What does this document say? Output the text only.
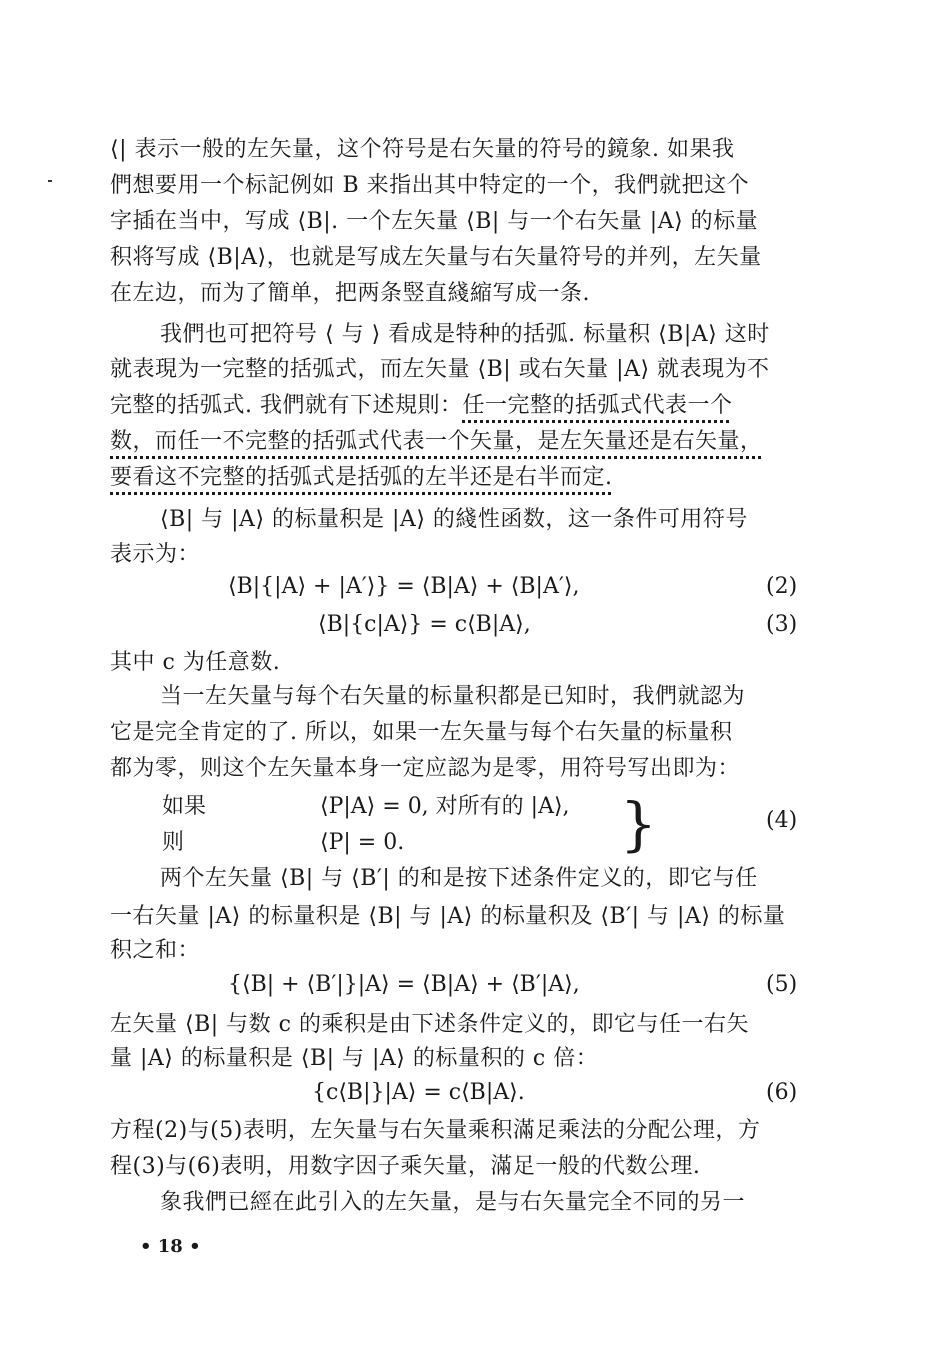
⟨| 表示一般的左矢量，这个符号是右矢量的符号的鏡象. 如果我
們想要用一个标記例如 B 来指出其中特定的一个，我們就把这个
字插在当中，写成 ⟨B|. 一个左矢量 ⟨B| 与一个右矢量 |A⟩ 的标量
积将写成 ⟨B|A⟩，也就是写成左矢量与右矢量符号的并列，左矢量
在左边，而为了簡单，把两条竪直綫縮写成一条.
我們也可把符号 ⟨ 与 ⟩ 看成是特种的括弧. 标量积 ⟨B|A⟩ 这时
就表現为一完整的括弧式，而左矢量 ⟨B| 或右矢量 |A⟩ 就表現为不
完整的括弧式. 我們就有下述規則：任一完整的括弧式代表一个
数，而任一不完整的括弧式代表一个矢量，是左矢量还是右矢量，
要看这不完整的括弧式是括弧的左半还是右半而定.
⟨B| 与 |A⟩ 的标量积是 |A⟩ 的綫性函数，这一条件可用符号
表示为：
⟨B|{|A⟩ + |A′⟩} = ⟨B|A⟩ + ⟨B|A′⟩,	(2)
⟨B|{c|A⟩} = c⟨B|A⟩,	(3)
其中 c 为任意数.
当一左矢量与每个右矢量的标量积都是已知时，我們就認为
它是完全肯定的了. 所以，如果一左矢量与每个右矢量的标量积
都为零，则这个左矢量本身一定应認为是零，用符号写出即为：
如果	⟨P|A⟩ = 0, 对所有的 |A⟩,
则	⟨P| = 0.	}	(4)
两个左矢量 ⟨B| 与 ⟨B′| 的和是按下述条件定义的，即它与任
一右矢量 |A⟩ 的标量积是 ⟨B| 与 |A⟩ 的标量积及 ⟨B′| 与 |A⟩ 的标量
积之和：
{⟨B| + ⟨B′|}|A⟩ = ⟨B|A⟩ + ⟨B′|A⟩,	(5)
左矢量 ⟨B| 与数 c 的乘积是由下述条件定义的，即它与任一右矢
量 |A⟩ 的标量积是 ⟨B| 与 |A⟩ 的标量积的 c 倍：
{c⟨B|}|A⟩ = c⟨B|A⟩.	(6)
方程(2)与(5)表明，左矢量与右矢量乘积滿足乘法的分配公理，方
程(3)与(6)表明，用数字因子乘矢量，滿足一般的代数公理.
象我們已經在此引入的左矢量，是与右矢量完全不同的另一
• 18 •
